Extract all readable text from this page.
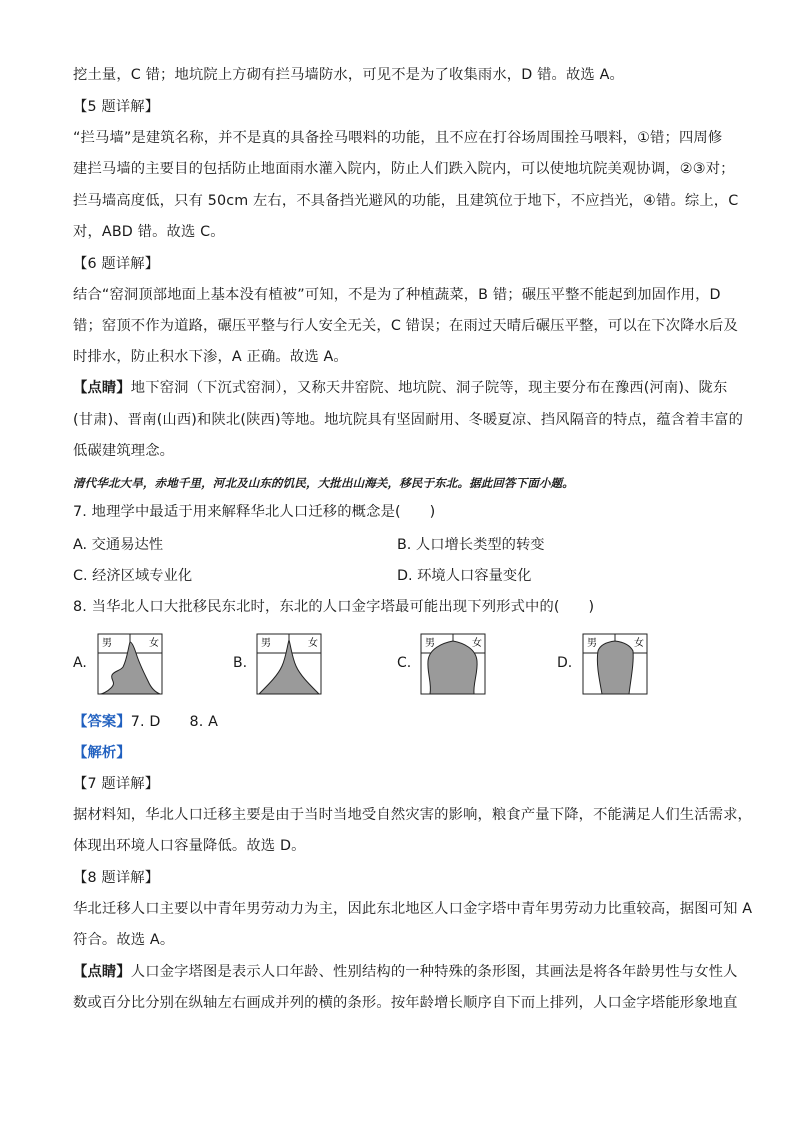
挖土量，C 错；地坑院上方砌有拦马墙防水，可见不是为了收集雨水，D 错。故选 A。
【5 题详解】
“拦马墙”是建筑名称，并不是真的具备拴马喂料的功能，且不应在打谷场周围拴马喂料，①错；四周修
建拦马墙的主要目的包括防止地面雨水灌入院内，防止人们跌入院内，可以使地坑院美观协调，②③对；
拦马墙高度低，只有 50cm 左右，不具备挡光避风的功能，且建筑位于地下，不应挡光，④错。综上，C
对，ABD 错。故选 C。
【6 题详解】
结合“窑洞顶部地面上基本没有植被”可知，不是为了种植蔬菜，B 错；碾压平整不能起到加固作用，D
错；窑顶不作为道路，碾压平整与行人安全无关，C 错误；在雨过天晴后碾压平整，可以在下次降水后及
时排水，防止积水下渗，A 正确。故选 A。
【点睛】地下窑洞（下沉式窑洞），又称天井窑院、地坑院、洞子院等，现主要分布在豫西(河南)、陇东
(甘肃)、晋南(山西)和陕北(陕西)等地。地坑院具有坚固耐用、冬暖夏凉、挡风隔音的特点，蕴含着丰富的
低碳建筑理念。
清代华北大旱，赤地千里，河北及山东的饥民，大批出山海关，移民于东北。据此回答下面小题。
7. 地理学中最适于用来解释华北人口迁移的概念是(　　)
A. 交通易达性	B. 人口增长类型的转变
C. 经济区域专业化	D. 环境人口容量变化
8. 当华北人口大批移民东北时，东北的人口金字塔最可能出现下列形式中的(　　)
A.
男	女
B.
男	女
C.
男	女
D.
男	女
【答案】7. D　　8. A
【解析】
【7 题详解】
据材料知，华北人口迁移主要是由于当时当地受自然灾害的影响，粮食产量下降，不能满足人们生活需求，
体现出环境人口容量降低。故选 D。
【8 题详解】
华北迁移人口主要以中青年男劳动力为主，因此东北地区人口金字塔中青年男劳动力比重较高，据图可知 A
符合。故选 A。
【点睛】人口金字塔图是表示人口年龄、性别结构的一种特殊的条形图，其画法是将各年龄男性与女性人
数或百分比分别在纵轴左右画成并列的横的条形。按年龄增长顺序自下而上排列，人口金字塔能形象地直
